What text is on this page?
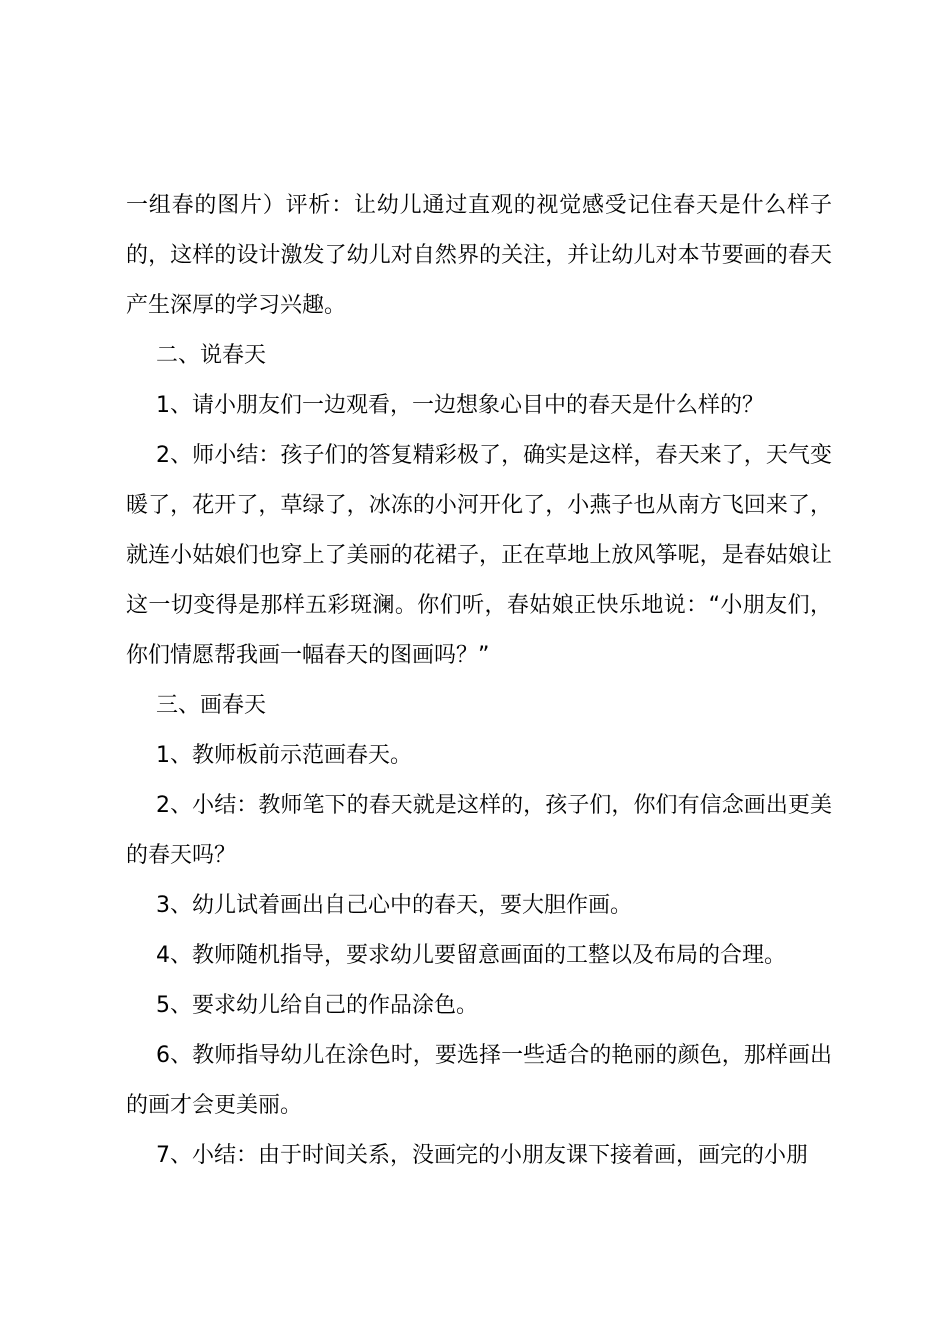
一组春的图片）评析：让幼儿通过直观的视觉感受记住春天是什么样子的，这样的设计激发了幼儿对自然界的关注，并让幼儿对本节要画的春天产生深厚的学习兴趣。

二、说春天

1、请小朋友们一边观看，一边想象心目中的春天是什么样的？

2、师小结：孩子们的答复精彩极了，确实是这样，春天来了，天气变暖了，花开了，草绿了，冰冻的小河开化了，小燕子也从南方飞回来了，就连小姑娘们也穿上了美丽的花裙子，正在草地上放风筝呢，是春姑娘让这一切变得是那样五彩斑澜。你们听，春姑娘正快乐地说：“小朋友们，你们情愿帮我画一幅春天的图画吗？”

三、画春天

1、教师板前示范画春天。

2、小结：教师笔下的春天就是这样的，孩子们，你们有信念画出更美的春天吗？

3、幼儿试着画出自己心中的春天，要大胆作画。

4、教师随机指导，要求幼儿要留意画面的工整以及布局的合理。

5、要求幼儿给自己的作品涂色。

6、教师指导幼儿在涂色时，要选择一些适合的艳丽的颜色，那样画出的画才会更美丽。

7、小结：由于时间关系，没画完的小朋友课下接着画，画完的小朋
